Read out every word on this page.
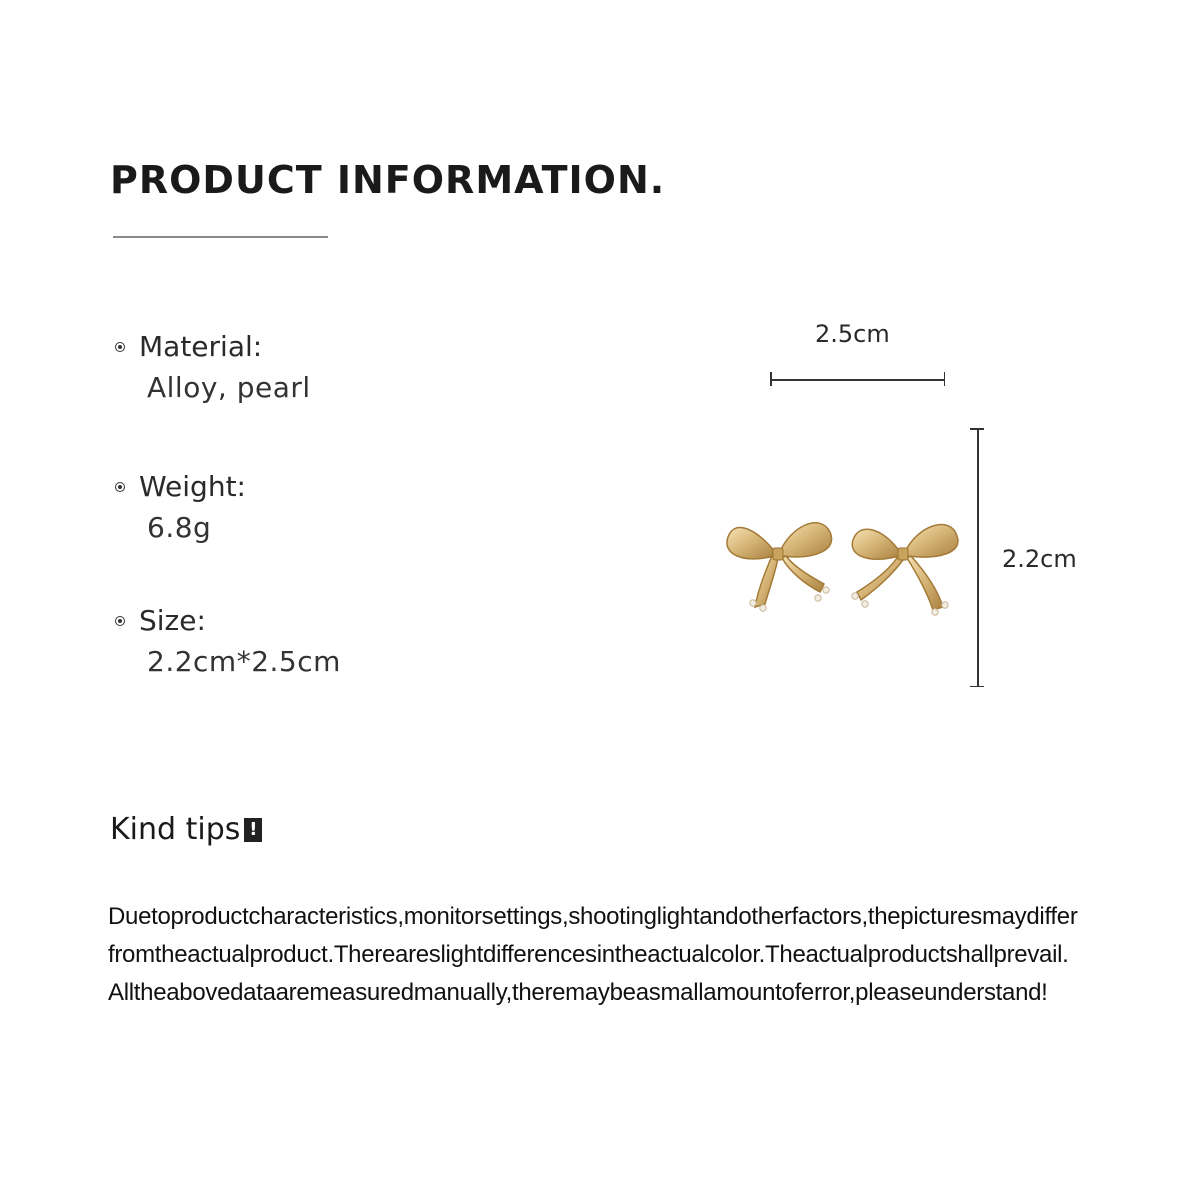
PRODUCT INFORMATION.
Material:
Alloy, pearl
Weight:
6.8g
Size:
2.2cm*2.5cm
2.5cm
2.2cm
Kind tips !

Duetoproductcharacteristics,monitorsettings,shootinglightandotherfactors,thepicturesmaydifferfromtheactualproduct.Thereareslightdifferencesintheactualcolor.Theactualproductshallprevail.

Alltheabovedataaremeasuredmanually,theremaybeasmallamountoferror,pleaseunderstand!
